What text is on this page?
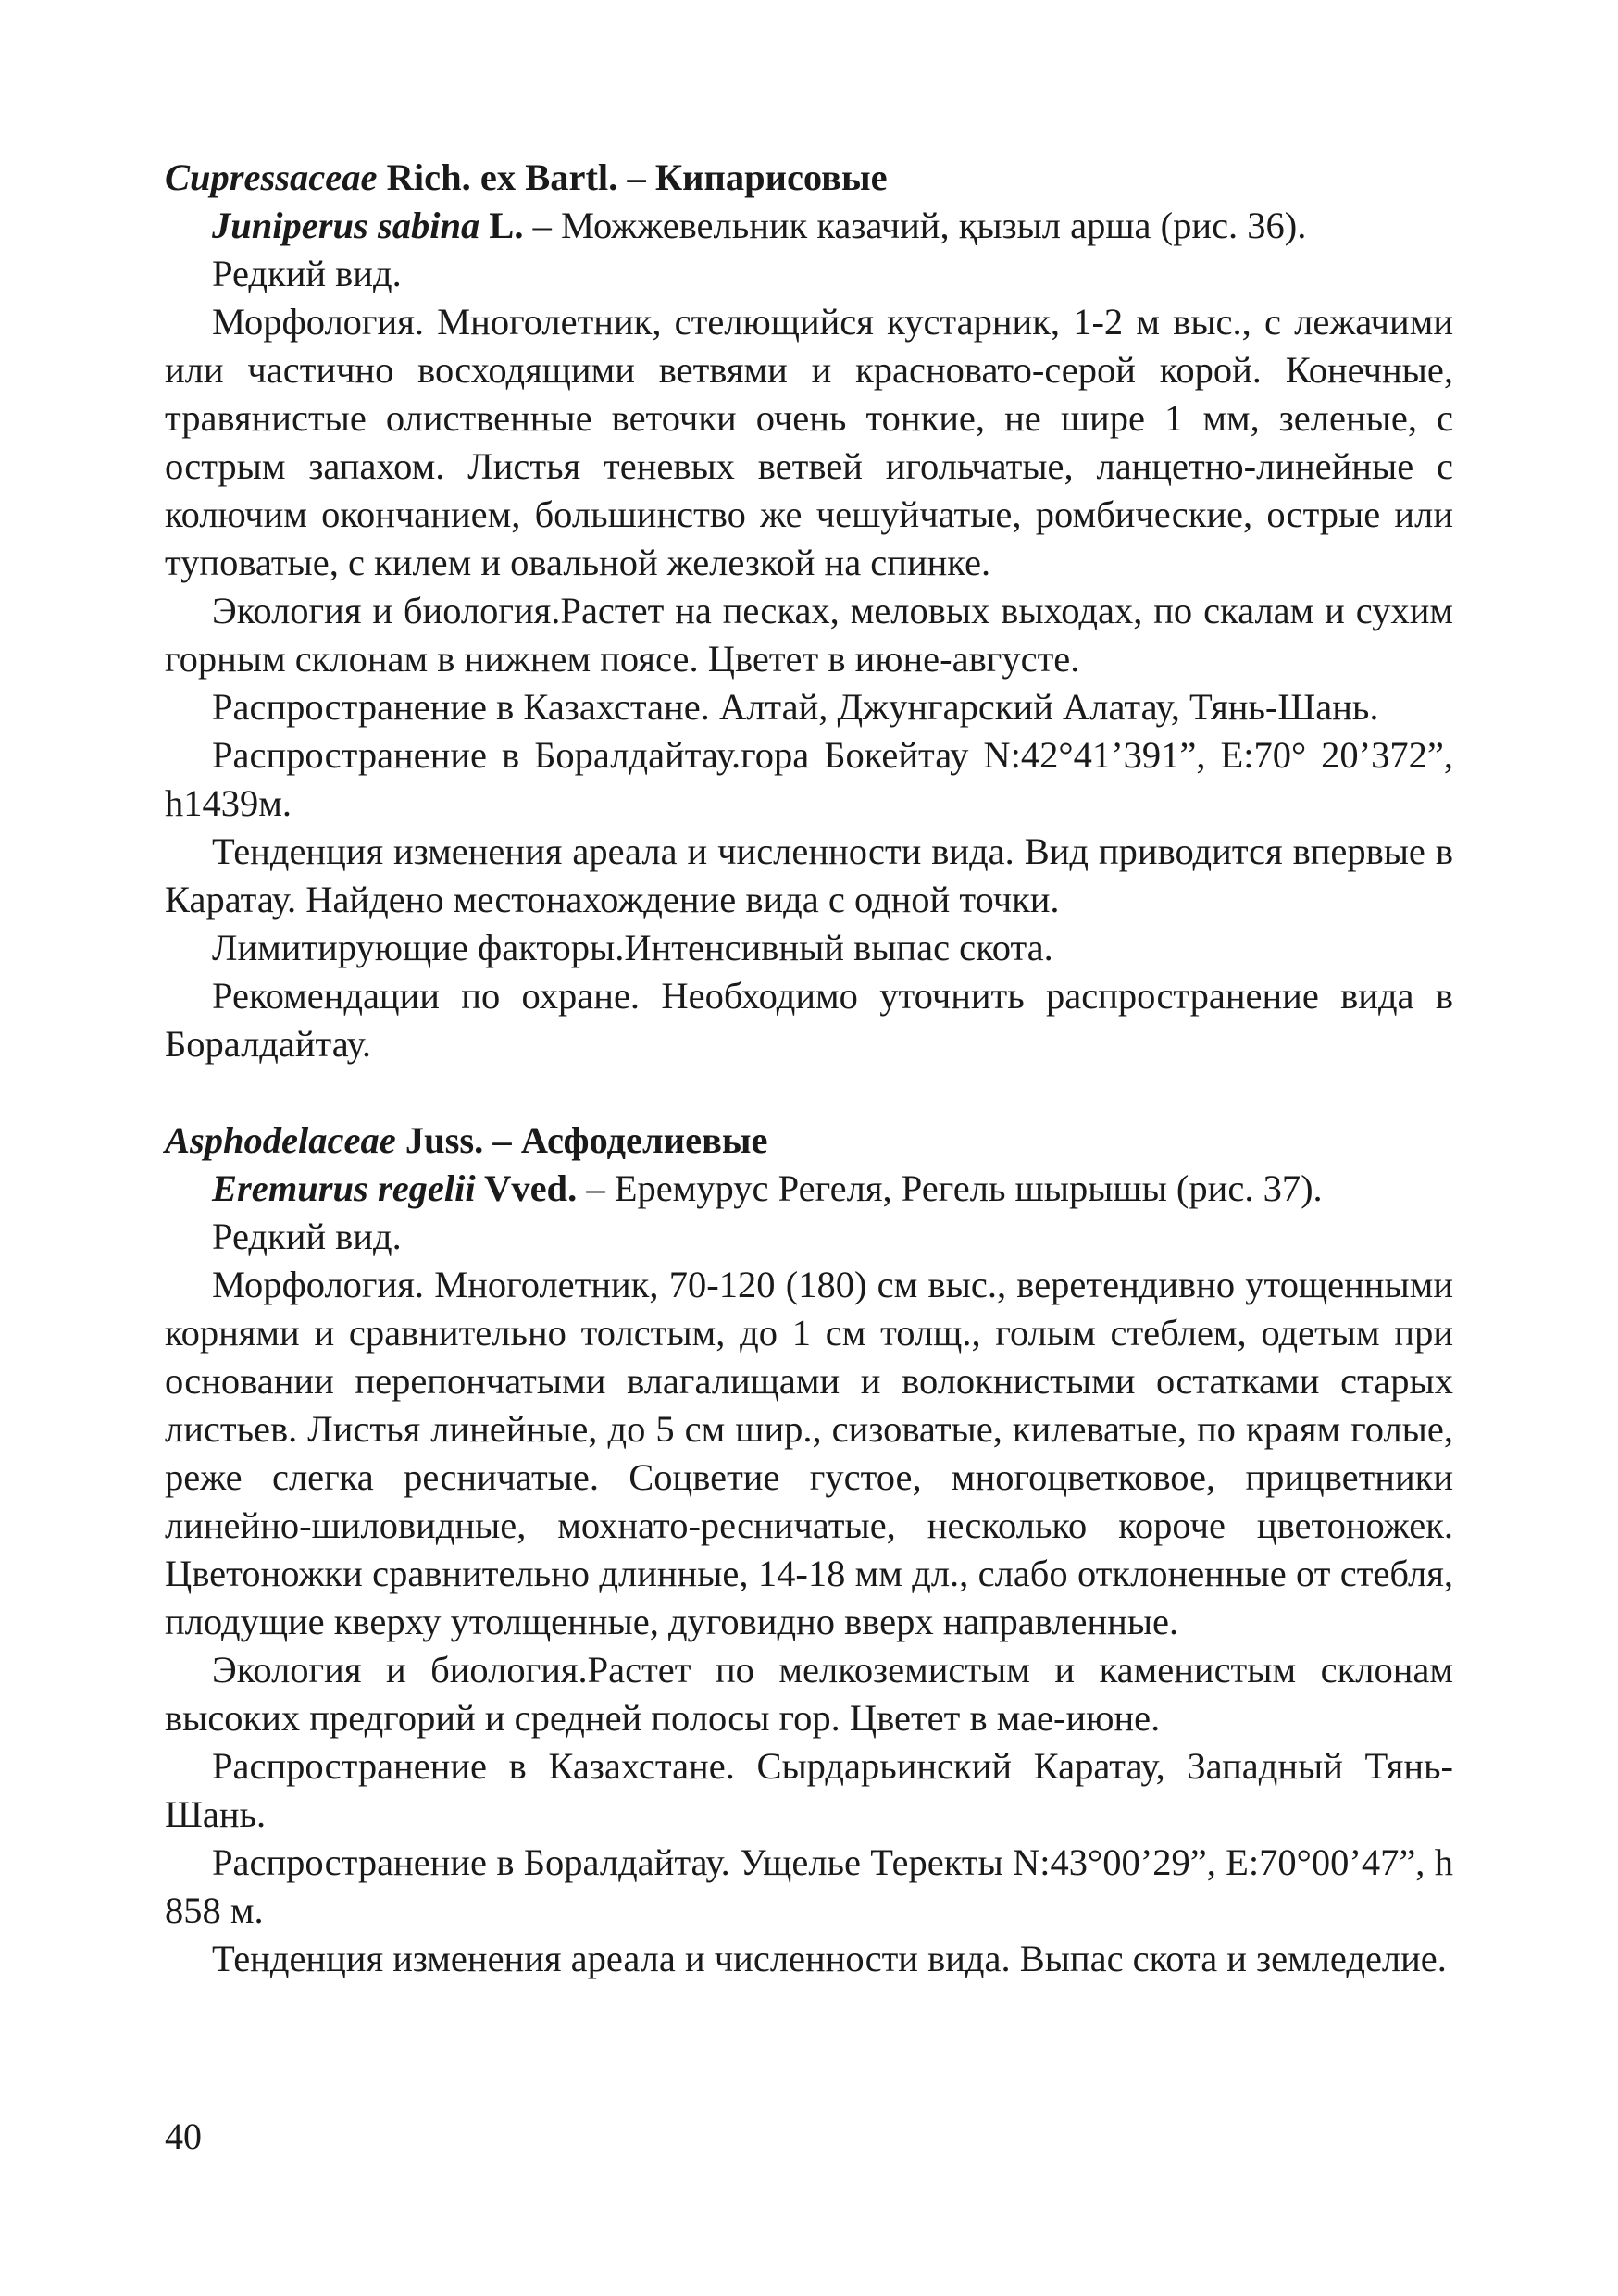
Cupressaceae Rich. ex Bartl. – Кипарисовые

Juniperus sabina L. – Можжевельник казачий, қызыл арша (рис. 36).

Редкий вид.

Морфология. Многолетник, стелющийся кустарник, 1-2 м выс., с лежачими или частично восходящими ветвями и красновато-серой корой. Конечные, травянистые олиственные веточки очень тонкие, не шире 1 мм, зеленые, с острым запахом. Листья теневых ветвей игольчатые, ланцетно-линейные с колючим окончанием, большинство же чешуйчатые, ромбические, острые или туповатые, с килем и овальной железкой на спинке.

Экология и биология.Растет на песках, меловых выходах, по скалам и сухим горным склонам в нижнем поясе. Цветет в июне-августе.

Распространение в Казахстане. Алтай, Джунгарский Алатау, Тянь-Шань.

Распространение в Боралдайтау.гора Бокейтау N:42°41’391”, E:70° 20’372”, h1439м.

Тенденция изменения ареала и численности вида. Вид приводится впервые в Каратау. Найдено местонахождение вида с одной точки.

Лимитирующие факторы.Интенсивный выпас скота.

Рекомендации по охране. Необходимо уточнить распространение вида в Боралдайтау.

Asphodelaceae Juss. – Асфоделиевые

Eremurus regelii Vved. – Еремурус Регеля, Регель шырышы (рис. 37).

Редкий вид.

Морфология. Многолетник, 70-120 (180) см выс., веретендивно утощенными корнями и сравнительно толстым, до 1 см толщ., голым стеблем, одетым при основании перепончатыми влагалищами и волокнистыми остатками старых листьев. Листья линейные, до 5 см шир., сизоватые, килеватые, по краям голые, реже слегка ресничатые. Соцветие густое, многоцветковое, прицветники линейно-шиловидные, мохнато-ресничатые, несколько короче цветоножек. Цветоножки сравнительно длинные, 14-18 мм дл., слабо отклоненные от стебля, плодущие кверху утолщенные, дуговидно вверх направленные.

Экология и биология.Растет по мелкоземистым и каменистым склонам высоких предгорий и средней полосы гор. Цветет в мае-июне.

Распространение в Казахстане. Сырдарьинский Каратау, Западный Тянь-Шань.

Распространение в Боралдайтау. Ущелье Теректы N:43°00’29”, E:70°00’47”, h 858 м.

Тенденция изменения ареала и численности вида. Выпас скота и земледелие.

40
